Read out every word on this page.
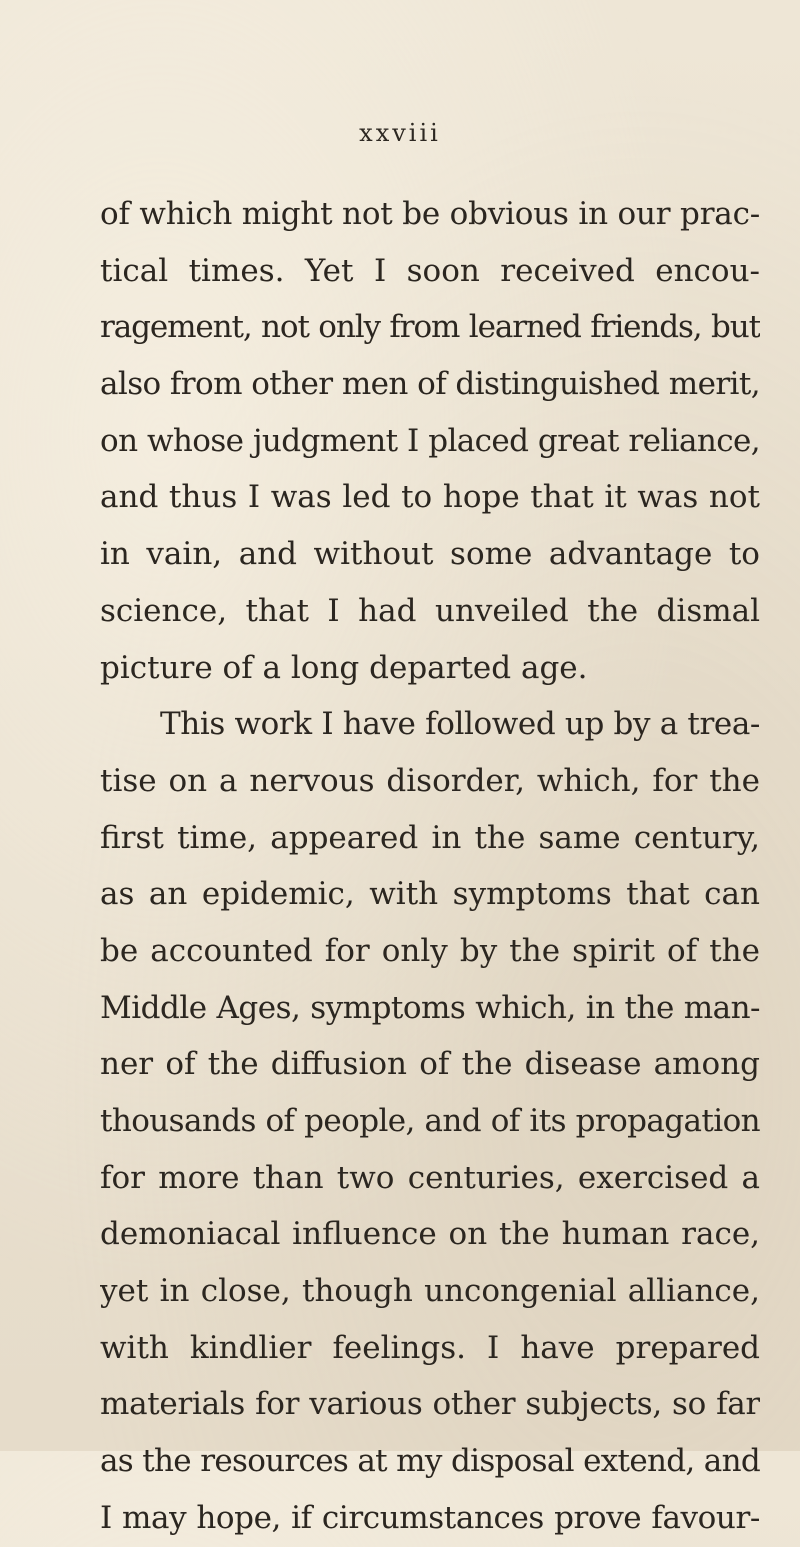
xxviii
of which might not be obvious in our prac-
tical times. Yet I soon received encou-
ragement, not only from learned friends, but
also from other men of distinguished merit,
on whose judgment I placed great reliance,
and thus I was led to hope that it was not
in vain, and without some advantage to
science, that I had unveiled the dismal
picture of a long departed age.
This work I have followed up by a trea-
tise on a nervous disorder, which, for the
first time, appeared in the same century,
as an epidemic, with symptoms that can
be accounted for only by the spirit of the
Middle Ages, symptoms which, in the man-
ner of the diffusion of the disease among
thousands of people, and of its propagation
for more than two centuries, exercised a
demoniacal influence on the human race,
yet in close, though uncongenial alliance,
with kindlier feelings. I have prepared
materials for various other subjects, so far
as the resources at my disposal extend, and
I may hope, if circumstances prove favour-
